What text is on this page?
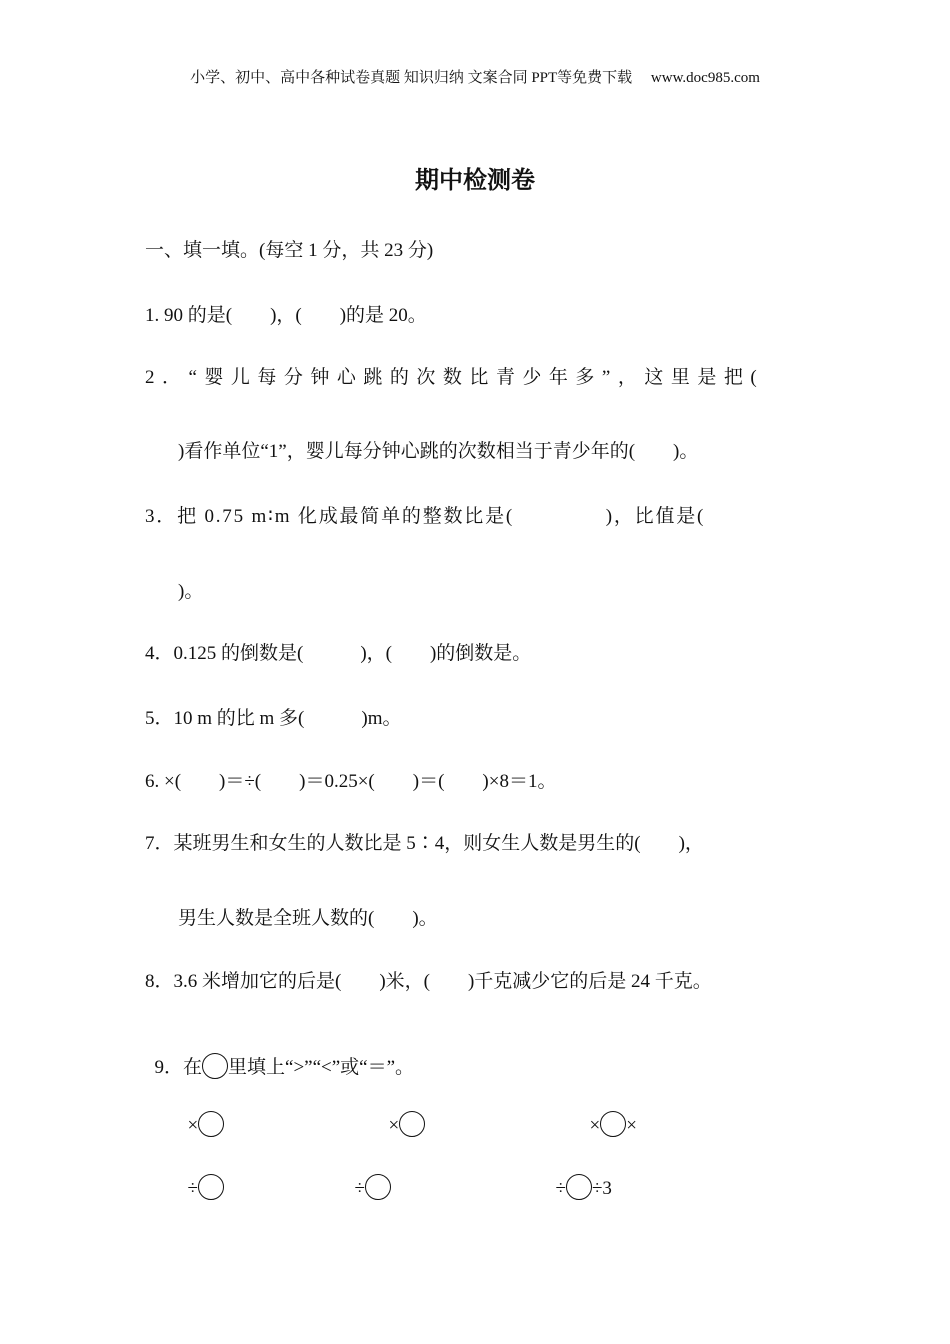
小学、初中、高中各种试卷真题 知识归纳 文案合同 PPT等免费下载     www.doc985.com
期中检测卷
一、填一填。(每空 1 分，共 23 分)
1. 90 的是(        )，(        )的是 20。
2．“婴儿每分钟心跳的次数比青少年多”，这里是把(
)看作单位“1”，婴儿每分钟心跳的次数相当于青少年的(        )。
3．把 0.75 m∶m 化成最简单的整数比是(              )，比值是(
)。
4．0.125 的倒数是(            )，(        )的倒数是。
5．10 m 的比 m 多(            )m。
6. ×(        )＝÷(        )＝0.25×(        )＝(        )×8＝1。
7．某班男生和女生的人数比是 5∶4，则女生人数是男生的(        )，
男生人数是全班人数的(        )。
8．3.6 米增加它的后是(        )米，(        )千克减少它的后是 24 千克。

9．在 里填上“>”“<”或“＝”。

×	×	× ×

÷	÷	÷ ÷3
